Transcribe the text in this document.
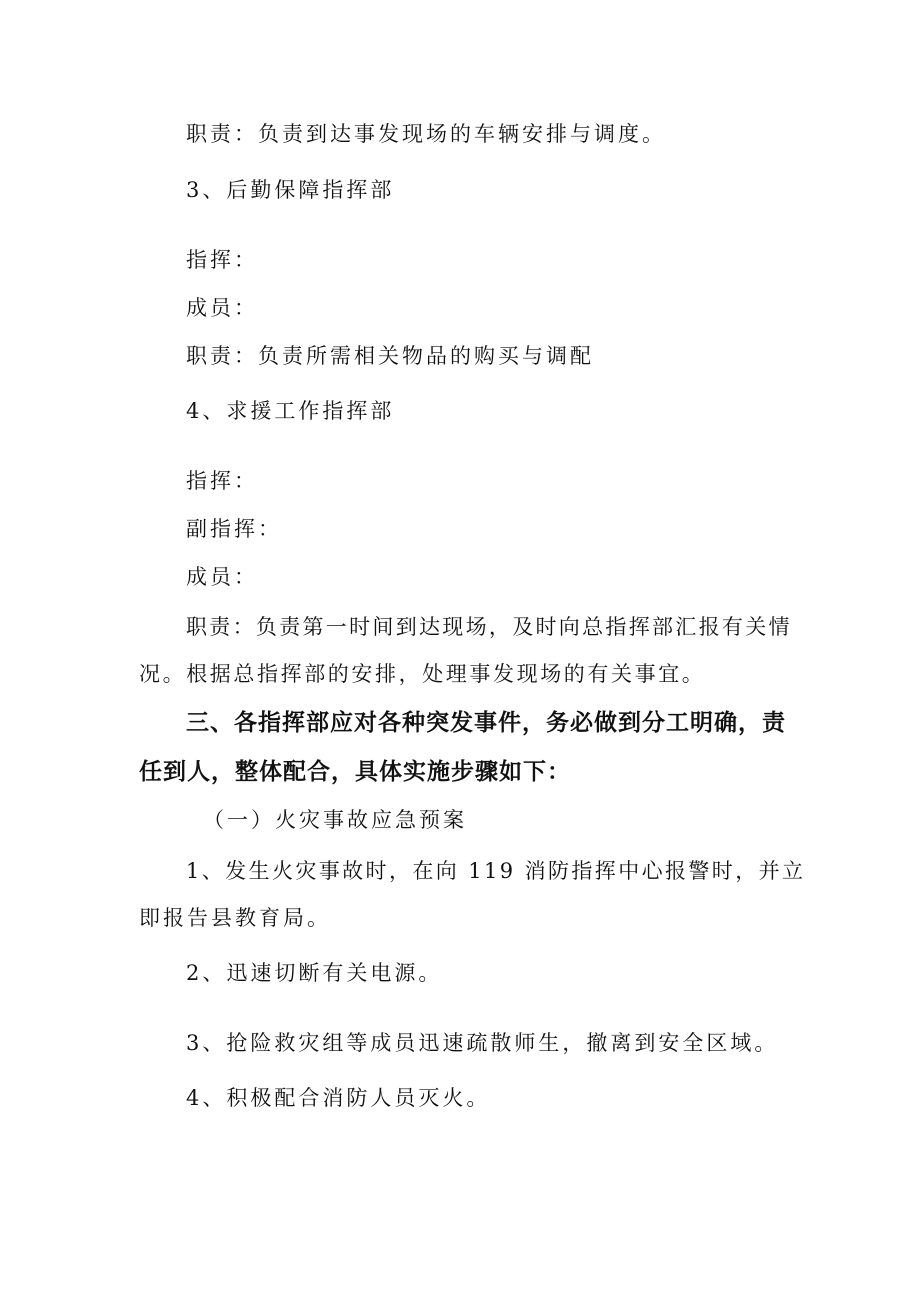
职责：负责到达事发现场的车辆安排与调度。
3、后勤保障指挥部
指挥：
成员：
职责：负责所需相关物品的购买与调配
4、求援工作指挥部
指挥：
副指挥：
成员：
职责：负责第一时间到达现场，及时向总指挥部汇报有关情
况。根据总指挥部的安排，处理事发现场的有关事宜。
三、各指挥部应对各种突发事件，务必做到分工明确，责
任到人，整体配合，具体实施步骤如下：
（一）火灾事故应急预案
1、发生火灾事故时，在向 119 消防指挥中心报警时，并立
即报告县教育局。
2、迅速切断有关电源。
3、抢险救灾组等成员迅速疏散师生，撤离到安全区域。
4、积极配合消防人员灭火。
